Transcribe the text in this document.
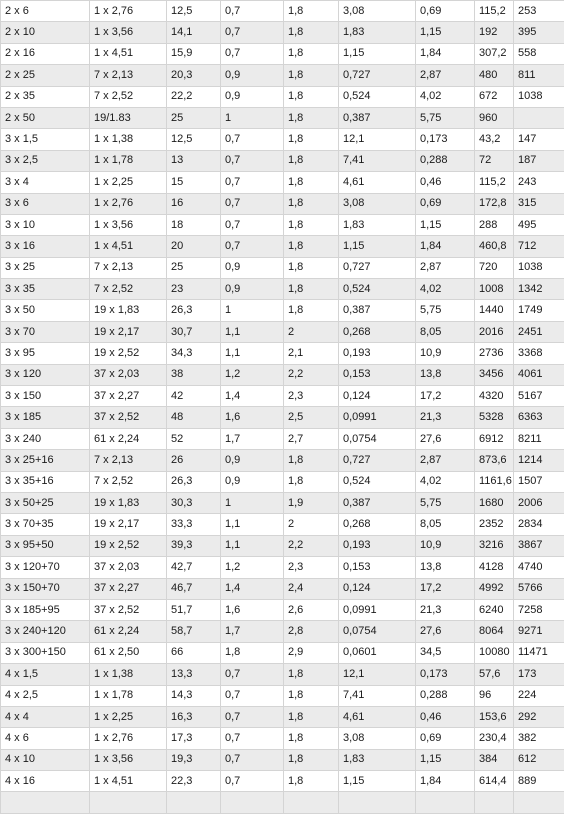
2 x 6	1 x 2,76	12,5	0,7	1,8	3,08	0,69	115,2	253
2 x 10	1 x 3,56	14,1	0,7	1,8	1,83	1,15	192	395
2 x 16	1 x 4,51	15,9	0,7	1,8	1,15	1,84	307,2	558
2 x 25	7 x 2,13	20,3	0,9	1,8	0,727	2,87	480	811
2 x 35	7 x 2,52	22,2	0,9	1,8	0,524	4,02	672	1038
2 x 50	19/1.83	25	1	1,8	0,387	5,75	960	
3 x 1,5	1 x 1,38	12,5	0,7	1,8	12,1	0,173	43,2	147
3 x 2,5	1 x 1,78	13	0,7	1,8	7,41	0,288	72	187
3 x 4	1 x 2,25	15	0,7	1,8	4,61	0,46	115,2	243
3 x 6	1 x 2,76	16	0,7	1,8	3,08	0,69	172,8	315
3 x 10	1 x 3,56	18	0,7	1,8	1,83	1,15	288	495
3 x 16	1 x 4,51	20	0,7	1,8	1,15	1,84	460,8	712
3 x 25	7 x 2,13	25	0,9	1,8	0,727	2,87	720	1038
3 x 35	7 x 2,52	23	0,9	1,8	0,524	4,02	1008	1342
3 x 50	19 x 1,83	26,3	1	1,8	0,387	5,75	1440	1749
3 x 70	19 x 2,17	30,7	1,1	2	0,268	8,05	2016	2451
3 x 95	19 x 2,52	34,3	1,1	2,1	0,193	10,9	2736	3368
3 x 120	37 x 2,03	38	1,2	2,2	0,153	13,8	3456	4061
3 x 150	37 x 2,27	42	1,4	2,3	0,124	17,2	4320	5167
3 x 185	37 x 2,52	48	1,6	2,5	0,0991	21,3	5328	6363
3 x 240	61 x 2,24	52	1,7	2,7	0,0754	27,6	6912	8211
3 x 25+16	7 x 2,13	26	0,9	1,8	0,727	2,87	873,6	1214
3 x 35+16	7 x 2,52	26,3	0,9	1,8	0,524	4,02	1161,6	1507
3 x 50+25	19 x 1,83	30,3	1	1,9	0,387	5,75	1680	2006
3 x 70+35	19 x 2,17	33,3	1,1	2	0,268	8,05	2352	2834
3 x 95+50	19 x 2,52	39,3	1,1	2,2	0,193	10,9	3216	3867
3 x 120+70	37 x 2,03	42,7	1,2	2,3	0,153	13,8	4128	4740
3 x 150+70	37 x 2,27	46,7	1,4	2,4	0,124	17,2	4992	5766
3 x 185+95	37 x 2,52	51,7	1,6	2,6	0,0991	21,3	6240	7258
3 x 240+120	61 x 2,24	58,7	1,7	2,8	0,0754	27,6	8064	9271
3 x 300+150	61 x 2,50	66	1,8	2,9	0,0601	34,5	10080	11471
4 x 1,5	1 x 1,38	13,3	0,7	1,8	12,1	0,173	57,6	173
4 x 2,5	1 x 1,78	14,3	0,7	1,8	7,41	0,288	96	224
4 x 4	1 x 2,25	16,3	0,7	1,8	4,61	0,46	153,6	292
4 x 6	1 x 2,76	17,3	0,7	1,8	3,08	0,69	230,4	382
4 x 10	1 x 3,56	19,3	0,7	1,8	1,83	1,15	384	612
4 x 16	1 x 4,51	22,3	0,7	1,8	1,15	1,84	614,4	889
